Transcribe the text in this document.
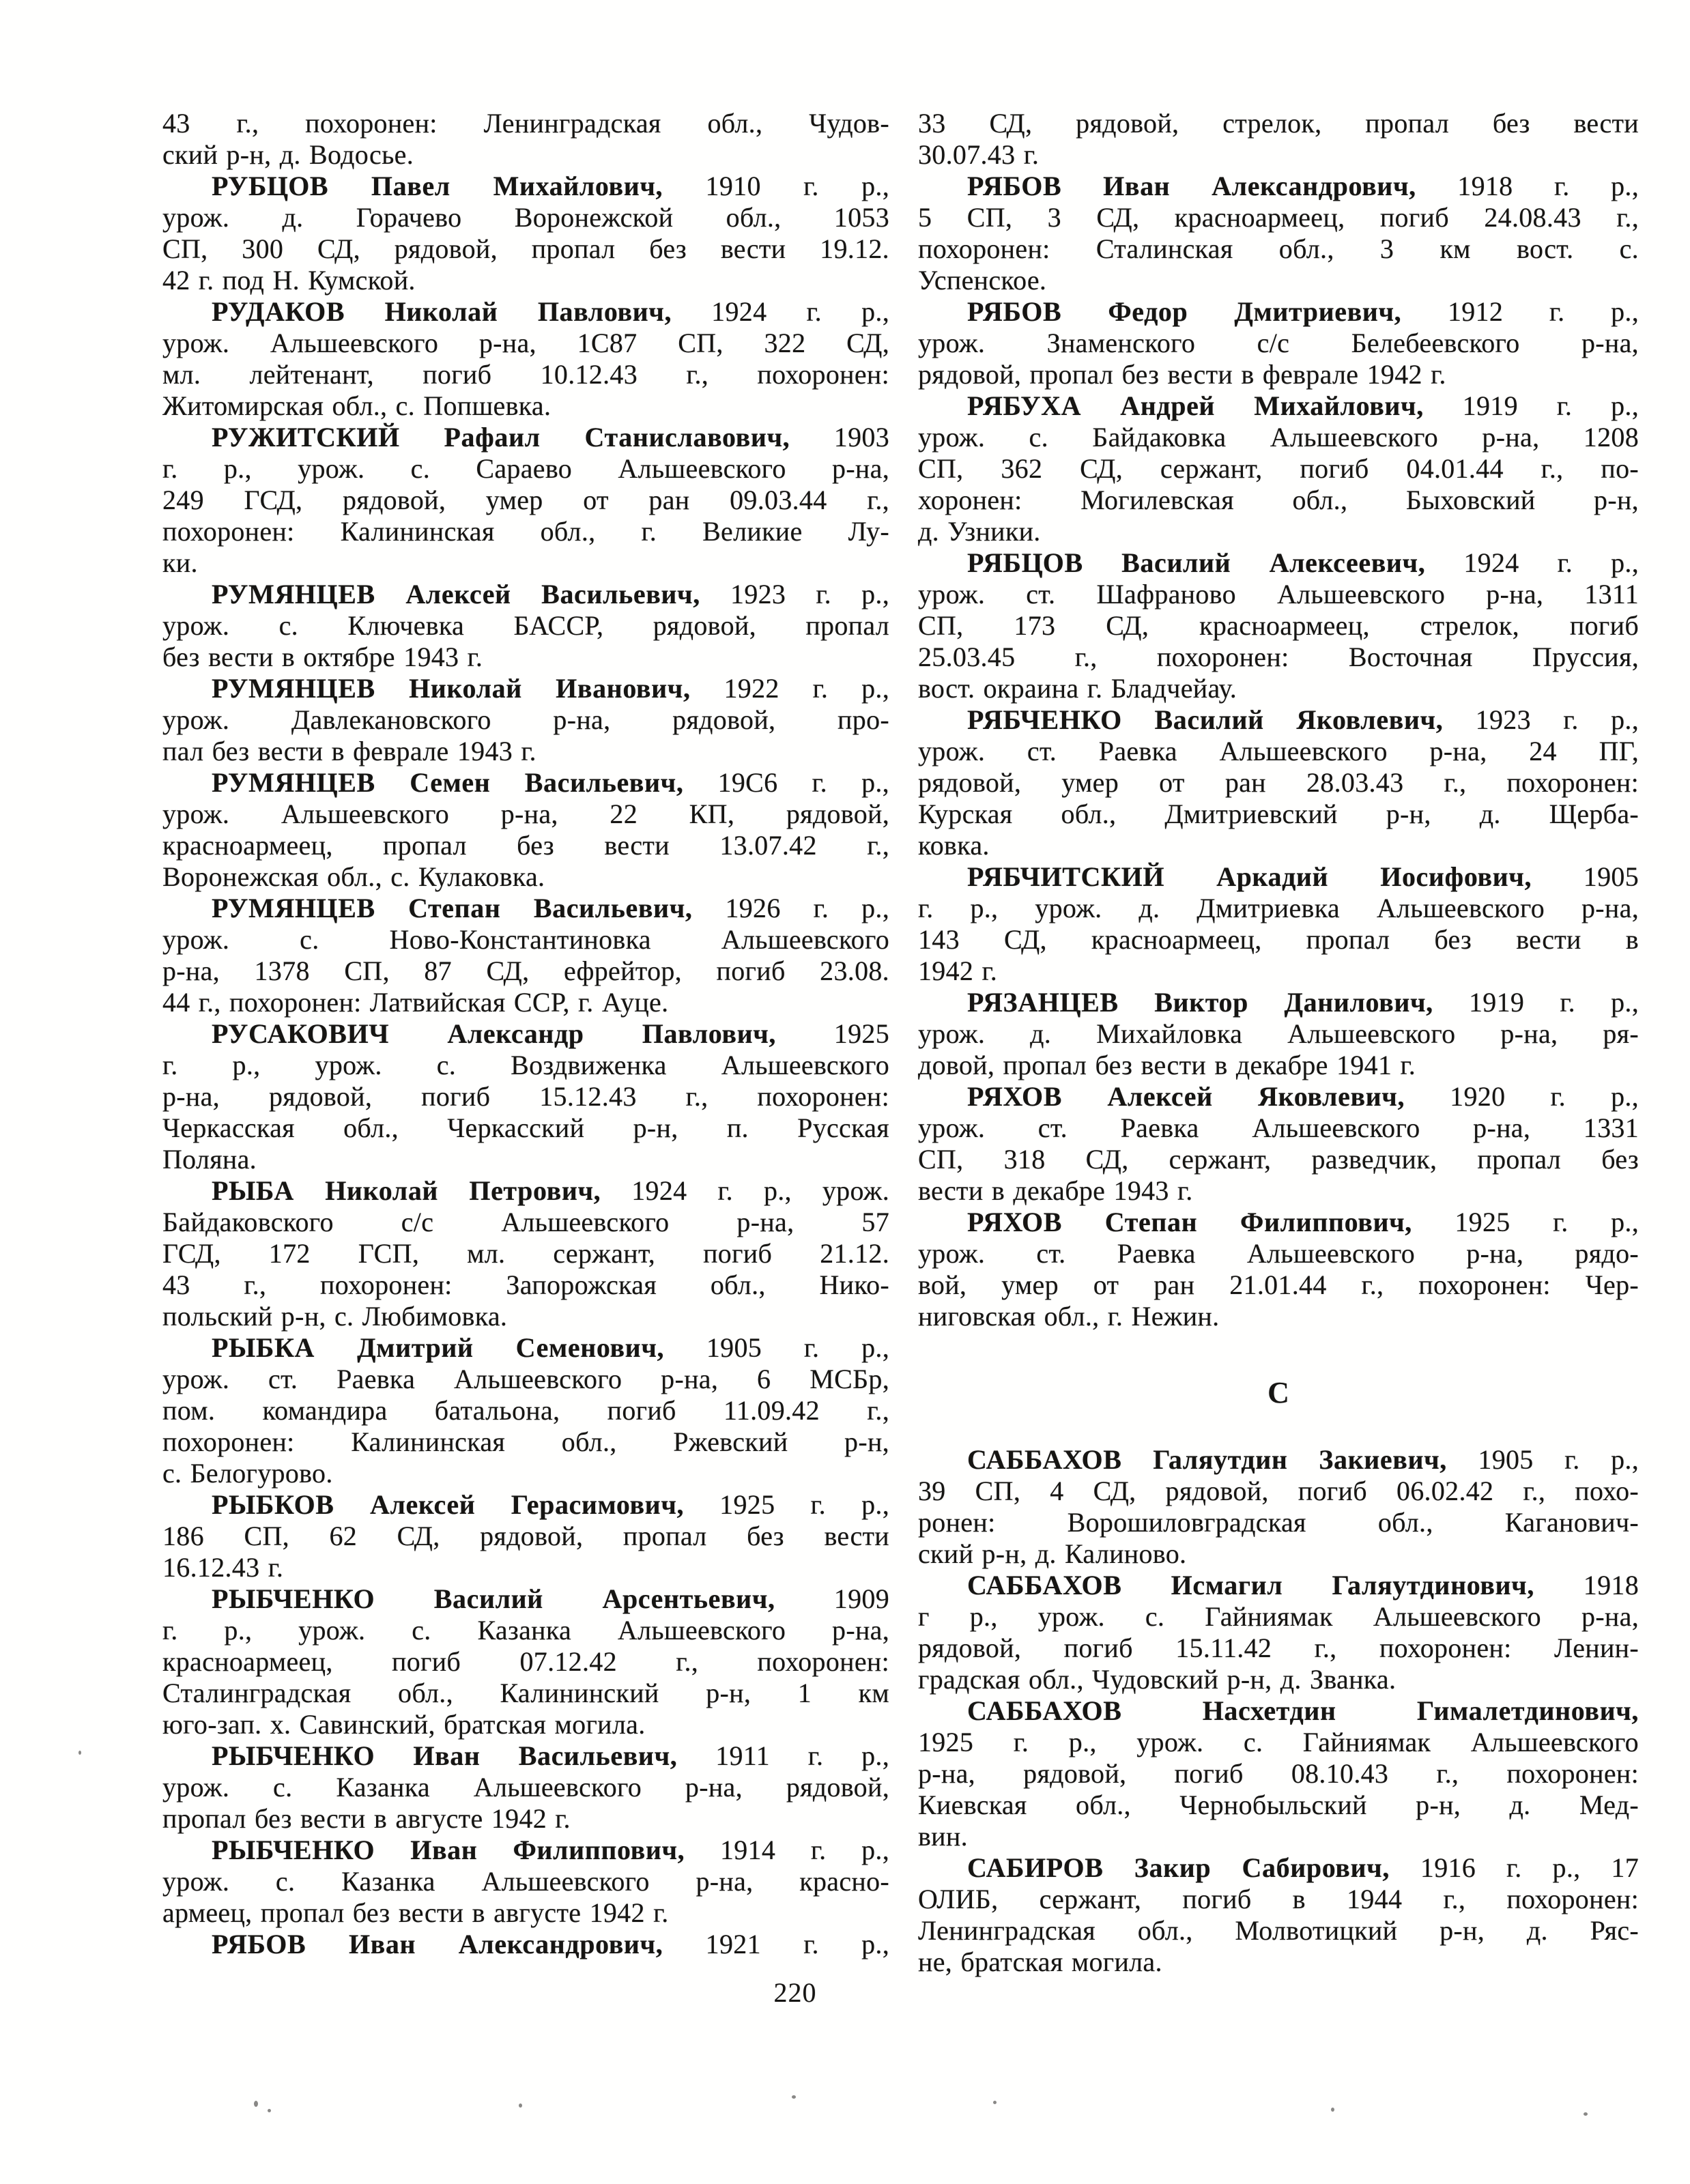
43 г., похоронен: Ленинградская обл., Чудов-
ский р-н, д. Водосье.
РУБЦОВ Павел Михайлович, 1910 г. р.,
урож. д. Горачево Воронежской обл., 1053
СП, 300 СД, рядовой, пропал без вести 19.12.
42 г. под Н. Кумской.
РУДАКОВ Николай Павлович, 1924 г. р.,
урож. Альшеевского р-на, 1С87 СП, 322 СД,
мл. лейтенант, погиб 10.12.43 г., похоронен:
Житомирская обл., с. Попшевка.
РУЖИТСКИЙ Рафаил Станиславович, 1903
г. р., урож. с. Сараево Альшеевского р-на,
249 ГСД, рядовой, умер от ран 09.03.44 г.,
похоронен: Калининская обл., г. Великие Лу-
ки.
РУМЯНЦЕВ Алексей Васильевич, 1923 г. р.,
урож. с. Ключевка БАССР, рядовой, пропал
без вести в октябре 1943 г.
РУМЯНЦЕВ Николай Иванович, 1922 г. р.,
урож. Давлекановского р-на, рядовой, про-
пал без вести в феврале 1943 г.
РУМЯНЦЕВ Семен Васильевич, 19С6 г. р.,
урож. Альшеевского р-на, 22 КП, рядовой,
красноармеец, пропал без вести 13.07.42 г.,
Воронежская обл., с. Кулаковка.
РУМЯНЦЕВ Степан Васильевич, 1926 г. р.,
урож. с. Ново-Константиновка Альшеевского
р-на, 1378 СП, 87 СД, ефрейтор, погиб 23.08.
44 г., похоронен: Латвийская ССР, г. Ауце.
РУСАКОВИЧ Александр Павлович, 1925
г. р., урож. с. Воздвиженка Альшеевского
р-на, рядовой, погиб 15.12.43 г., похоронен:
Черкасская обл., Черкасский р-н, п. Русская
Поляна.
РЫБА Николай Петрович, 1924 г. р., урож.
Байдаковского с/с Альшеевского р-на, 57
ГСД, 172 ГСП, мл. сержант, погиб 21.12.
43 г., похоронен: Запорожская обл., Нико-
польский р-н, с. Любимовка.
РЫБКА Дмитрий Семенович, 1905 г. р.,
урож. ст. Раевка Альшеевского р-на, 6 МСБр,
пом. командира батальона, погиб 11.09.42 г.,
похоронен: Калининская обл., Ржевский р-н,
с. Белогурово.
РЫБКОВ Алексей Герасимович, 1925 г. р.,
186 СП, 62 СД, рядовой, пропал без вести
16.12.43 г.
РЫБЧЕНКО Василий Арсентьевич, 1909
г. р., урож. с. Казанка Альшеевского р-на,
красноармеец, погиб 07.12.42 г., похоронен:
Сталинградская обл., Калининский р-н, 1 км
юго-зап. х. Савинский, братская могила.
РЫБЧЕНКО Иван Васильевич, 1911 г. р.,
урож. с. Казанка Альшеевского р-на, рядовой,
пропал без вести в августе 1942 г.
РЫБЧЕНКО Иван Филиппович, 1914 г. р.,
урож. с. Казанка Альшеевского р-на, красно-
армеец, пропал без вести в августе 1942 г.
РЯБОВ Иван Александрович, 1921 г. р.,
33 СД, рядовой, стрелок, пропал без вести
30.07.43 г.
РЯБОВ Иван Александрович, 1918 г. р.,
5 СП, 3 СД, красноармеец, погиб 24.08.43 г.,
похоронен: Сталинская обл., 3 км вост. с.
Успенское.
РЯБОВ Федор Дмитриевич, 1912 г. р.,
урож. Знаменского с/с Белебеевского р-на,
рядовой, пропал без вести в феврале 1942 г.
РЯБУХА Андрей Михайлович, 1919 г. р.,
урож. с. Байдаковка Альшеевского р-на, 1208
СП, 362 СД, сержант, погиб 04.01.44 г., по-
хоронен: Могилевская обл., Быховский р-н,
д. Узники.
РЯБЦОВ Василий Алексеевич, 1924 г. р.,
урож. ст. Шафраново Альшеевского р-на, 1311
СП, 173 СД, красноармеец, стрелок, погиб
25.03.45 г., похоронен: Восточная Пруссия,
вост. окраина г. Бладчейау.
РЯБЧЕНКО Василий Яковлевич, 1923 г. р.,
урож. ст. Раевка Альшеевского р-на, 24 ПГ,
рядовой, умер от ран 28.03.43 г., похоронен:
Курская обл., Дмитриевский р-н, д. Щерба-
ковка.
РЯБЧИТСКИЙ Аркадий Иосифович, 1905
г. р., урож. д. Дмитриевка Альшеевского р-на,
143 СД, красноармеец, пропал без вести в
1942 г.
РЯЗАНЦЕВ Виктор Данилович, 1919 г. р.,
урож. д. Михайловка Альшеевского р-на, ря-
довой, пропал без вести в декабре 1941 г.
РЯХОВ Алексей Яковлевич, 1920 г. р.,
урож. ст. Раевка Альшеевского р-на, 1331
СП, 318 СД, сержант, разведчик, пропал без
вести в декабре 1943 г.
РЯХОВ Степан Филиппович, 1925 г. р.,
урож. ст. Раевка Альшеевского р-на, рядо-
вой, умер от ран 21.01.44 г., похоронен: Чер-
ниговская обл., г. Нежин.
С
САББАХОВ Галяутдин Закиевич, 1905 г. р.,
39 СП, 4 СД, рядовой, погиб 06.02.42 г., похо-
ронен: Ворошиловградская обл., Каганович-
ский р-н, д. Калиново.
САББАХОВ Исмагил Галяутдинович, 1918
г р., урож. с. Гайниямак Альшеевского р-на,
рядовой, погиб 15.11.42 г., похоронен: Ленин-
градская обл., Чудовский р-н, д. Званка.
САББАХОВ Насхетдин Гималетдинович,
1925 г. р., урож. с. Гайниямак Альшеевского
р-на, рядовой, погиб 08.10.43 г., похоронен:
Киевская обл., Чернобыльский р-н, д. Мед-
вин.
САБИРОВ Закир Сабирович, 1916 г. р., 17
ОЛИБ, сержант, погиб в 1944 г., похоронен:
Ленинградская обл., Молвотицкий р-н, д. Ряс-
не, братская могила.
220
